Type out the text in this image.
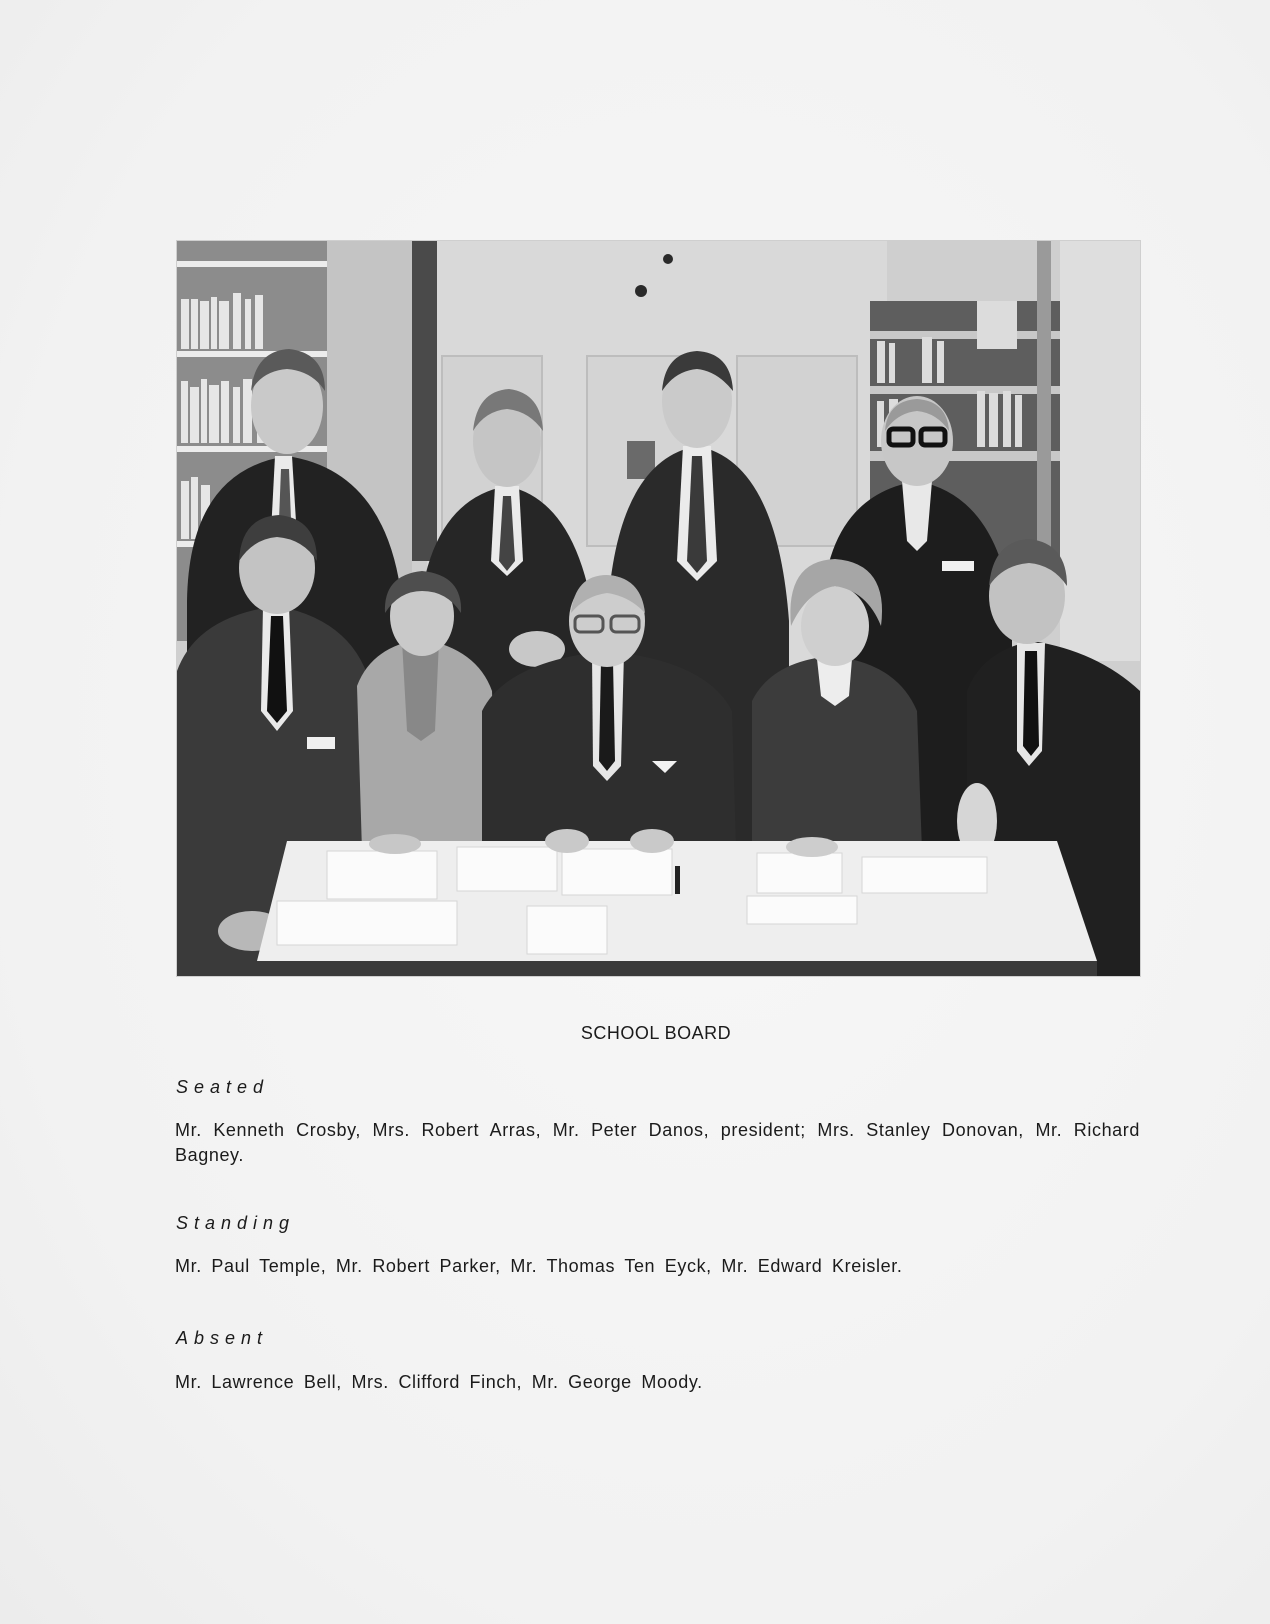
SCHOOL BOARD
Seated
Mr. Kenneth Crosby, Mrs. Robert Arras, Mr. Peter Danos, president; Mrs. Stanley Donovan, Mr. Richard Bagney.
Standing
Mr. Paul Temple, Mr. Robert Parker, Mr. Thomas Ten Eyck, Mr. Edward Kreisler.
Absent
Mr. Lawrence Bell, Mrs. Clifford Finch, Mr. George Moody.
